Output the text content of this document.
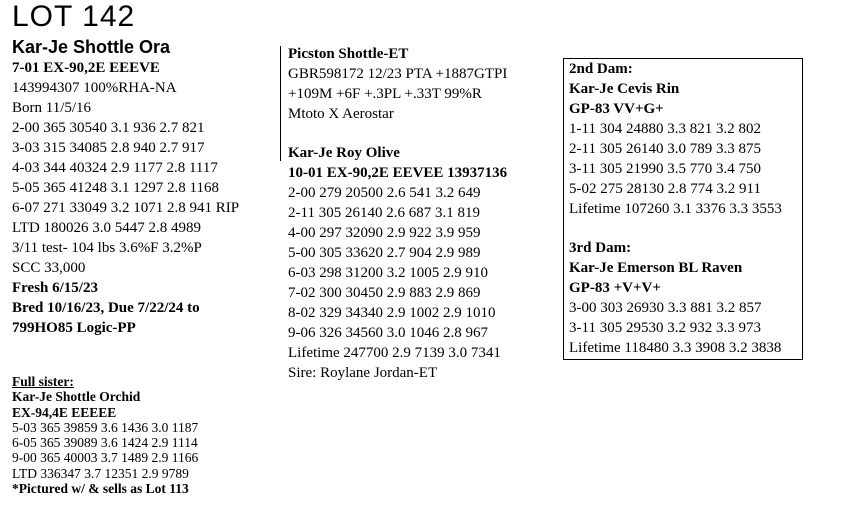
LOT 142
Kar-Je Shottle Ora
7-01 EX-90,2E EEEVE
143994307 100%RHA-NA
Born 11/5/16
2-00 365 30540 3.1 936 2.7 821
3-03 315 34085 2.8 940 2.7 917
4-03 344 40324 2.9 1177 2.8 1117
5-05 365 41248 3.1 1297 2.8 1168
6-07 271 33049 3.2 1071 2.8 941 RIP
LTD 180026 3.0 5447 2.8 4989
3/11 test- 104 lbs 3.6%F 3.2%P
SCC 33,000
Fresh 6/15/23
Bred 10/16/23, Due 7/22/24 to
799HO85 Logic-PP
Full sister:
Kar-Je Shottle Orchid
EX-94,4E EEEEE
5-03 365 39859 3.6 1436 3.0 1187
6-05 365 39089 3.6 1424 2.9 1114
9-00 365 40003 3.7 1489 2.9 1166
LTD 336347 3.7 12351 2.9 9789
*Pictured w/ & sells as Lot 113
Picston Shottle-ET
GBR598172 12/23 PTA +1887GTPI
+109M +6F +.3PL +.33T 99%R
Mtoto X Aerostar
Kar-Je Roy Olive
10-01 EX-90,2E EEVEE 13937136
2-00 279 20500 2.6 541 3.2 649
2-11 305 26140 2.6 687 3.1 819
4-00 297 32090 2.9 922 3.9 959
5-00 305 33620 2.7 904 2.9 989
6-03 298 31200 3.2 1005 2.9 910
7-02 300 30450 2.9 883 2.9 869
8-02 329 34340 2.9 1002 2.9 1010
9-06 326 34560 3.0 1046 2.8 967
Lifetime 247700 2.9 7139 3.0 7341
Sire: Roylane Jordan-ET
2nd Dam:
Kar-Je Cevis Rin
GP-83 VV+G+
1-11 304 24880 3.3 821 3.2 802
2-11 305 26140 3.0 789 3.3 875
3-11 305 21990 3.5 770 3.4 750
5-02 275 28130 2.8 774 3.2 911
Lifetime 107260 3.1 3376 3.3 3553
3rd Dam:
Kar-Je Emerson BL Raven
GP-83 +V+V+
3-00 303 26930 3.3 881 3.2 857
3-11 305 29530 3.2 932 3.3 973
Lifetime 118480 3.3 3908 3.2 3838
